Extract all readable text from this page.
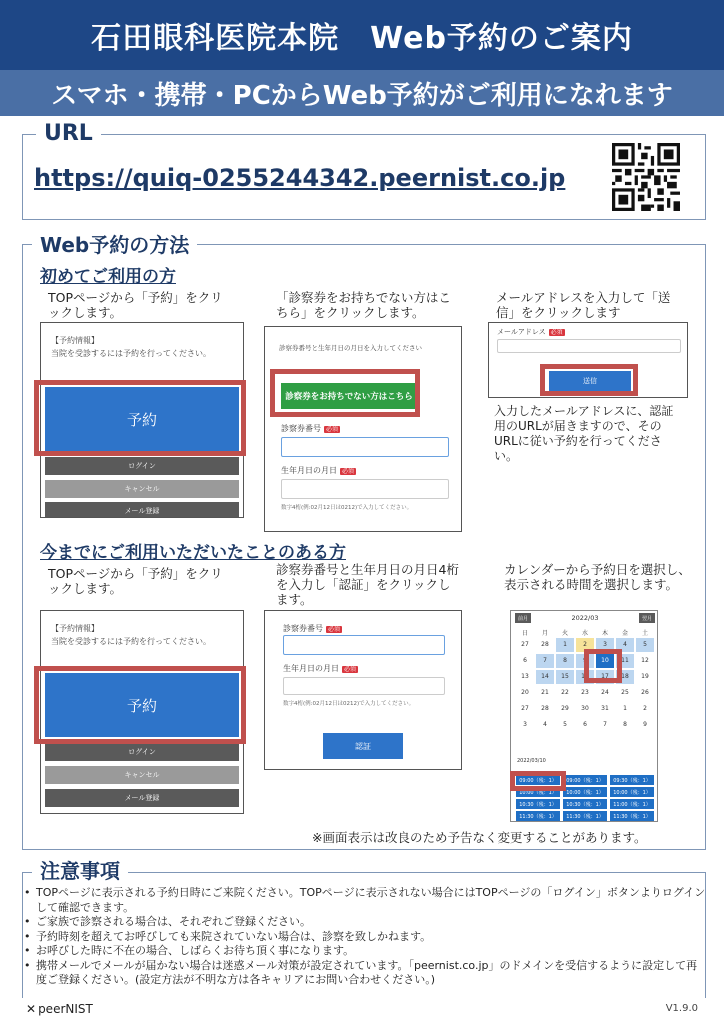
石田眼科医院本院　Web予約のご案内
スマホ・携帯・PCからWeb予約がご利用になれます
URL
https://quiq-0255244342.peernist.co.jp
Web予約の方法
初めてご利用の方
TOPページから「予約」をクリックします。
「診察券をお持ちでない方はこちら」をクリックします。
メールアドレスを入力して「送信」をクリックします
【予約情報】
当院を受診するには予約を行ってください。
予約
ログイン
キャンセル
メール登録
診察券番号と生年月日の月日を入力してください
診察券をお持ちでない方はこちら
診察券番号 必須
生年月日の月日 必須
数字4桁(例:02月12日は0212)で入力してください。
メールアドレス 必須
送信
入力したメールアドレスに、認証用のURLが届きますので、そのURLに従い予約を行ってください。
今までにご利用いただいたことのある方
TOPページから「予約」をクリックします。
診察券番号と生年月日の月日4桁を入力し「認証」をクリックします。
カレンダーから予約日を選択し、表示される時間を選択します。
【予約情報】
当院を受診するには予約を行ってください。
予約
ログイン
キャンセル
メール登録
診察券番号 必須
生年月日の月日 必須
数字4桁(例:02月12日は0212)で入力してください。
認証
前月	2022/03	翌月
日	月	火	水	木	金	土
27	28	1	2	3	4	5
6	7	8	9	10	11	12
13	14	15	16	17	18	19
20	21	22	23	24	25	26
27	28	29	30	31	1	2
3	4	5	6	7	8	9
2022/03/10
09:00（残：1）	09:00（残：1）	09:30（残：1）
10:00（残：1）	10:00（残：1）	10:00（残：1）
10:30（残：1）	10:30（残：1）	11:00（残：1）
11:30（残：1）	11:30（残：1）	11:30（残：1）
※画面表示は改良のため予告なく変更することがあります。
注意事項
• TOPページに表示される予約日時にご来院ください。TOPページに表示されない場合にはTOPページの「ログイン」ボタンよりログインして確認できます。
• ご家族で診察される場合は、それぞれご登録ください。
• 予約時刻を超えてお呼びしても来院されていない場合は、診察を致しかねます。
• お呼びした時に不在の場合、しばらくお待ち頂く事になります。
• 携帯メールでメールが届かない場合は迷惑メール対策が設定されています。「peernist.co.jp」のドメインを受信するように設定して再度ご登録ください。(設定方法が不明な方は各キャリアにお問い合わせください。)
✕ peerNIST	V1.9.0
